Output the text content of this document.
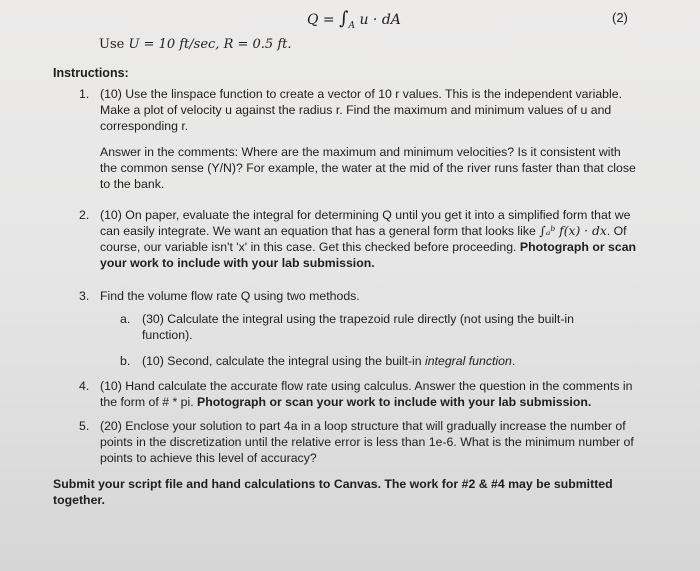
$Q = \int_A$ u · dA	(2)
Use U = 10 ft/sec, R = 0.5 ft.
Instructions:
1. (10) Use the linspace function to create a vector of 10 r values. This is the independent variable. Make a plot of velocity u against the radius r. Find the maximum and minimum values of u and corresponding r.

Answer in the comments: Where are the maximum and minimum velocities? Is it consistent with the common sense (Y/N)? For example, the water at the mid of the river runs faster than that close to the bank.

2. (10) On paper, evaluate the integral for determining Q until you get it into a simplified form that we can easily integrate. We want an equation that has a general form that looks like ∫ₐᵇ f(x) · dx. Of course, our variable isn't 'x' in this case. Get this checked before proceeding. Photograph or scan your work to include with your lab submission.
3. Find the volume flow rate Q using two methods.
a. (30) Calculate the integral using the trapezoid rule directly (not using the built-in function).
b. (10) Second, calculate the integral using the built-in integral function.
4. (10) Hand calculate the accurate flow rate using calculus. Answer the question in the comments in the form of # * pi. Photograph or scan your work to include with your lab submission.
5. (20) Enclose your solution to part 4a in a loop structure that will gradually increase the number of points in the discretization until the relative error is less than 1e-6. What is the minimum number of points to achieve this level of accuracy?
Submit your script file and hand calculations to Canvas. The work for #2 & #4 may be submitted together.
